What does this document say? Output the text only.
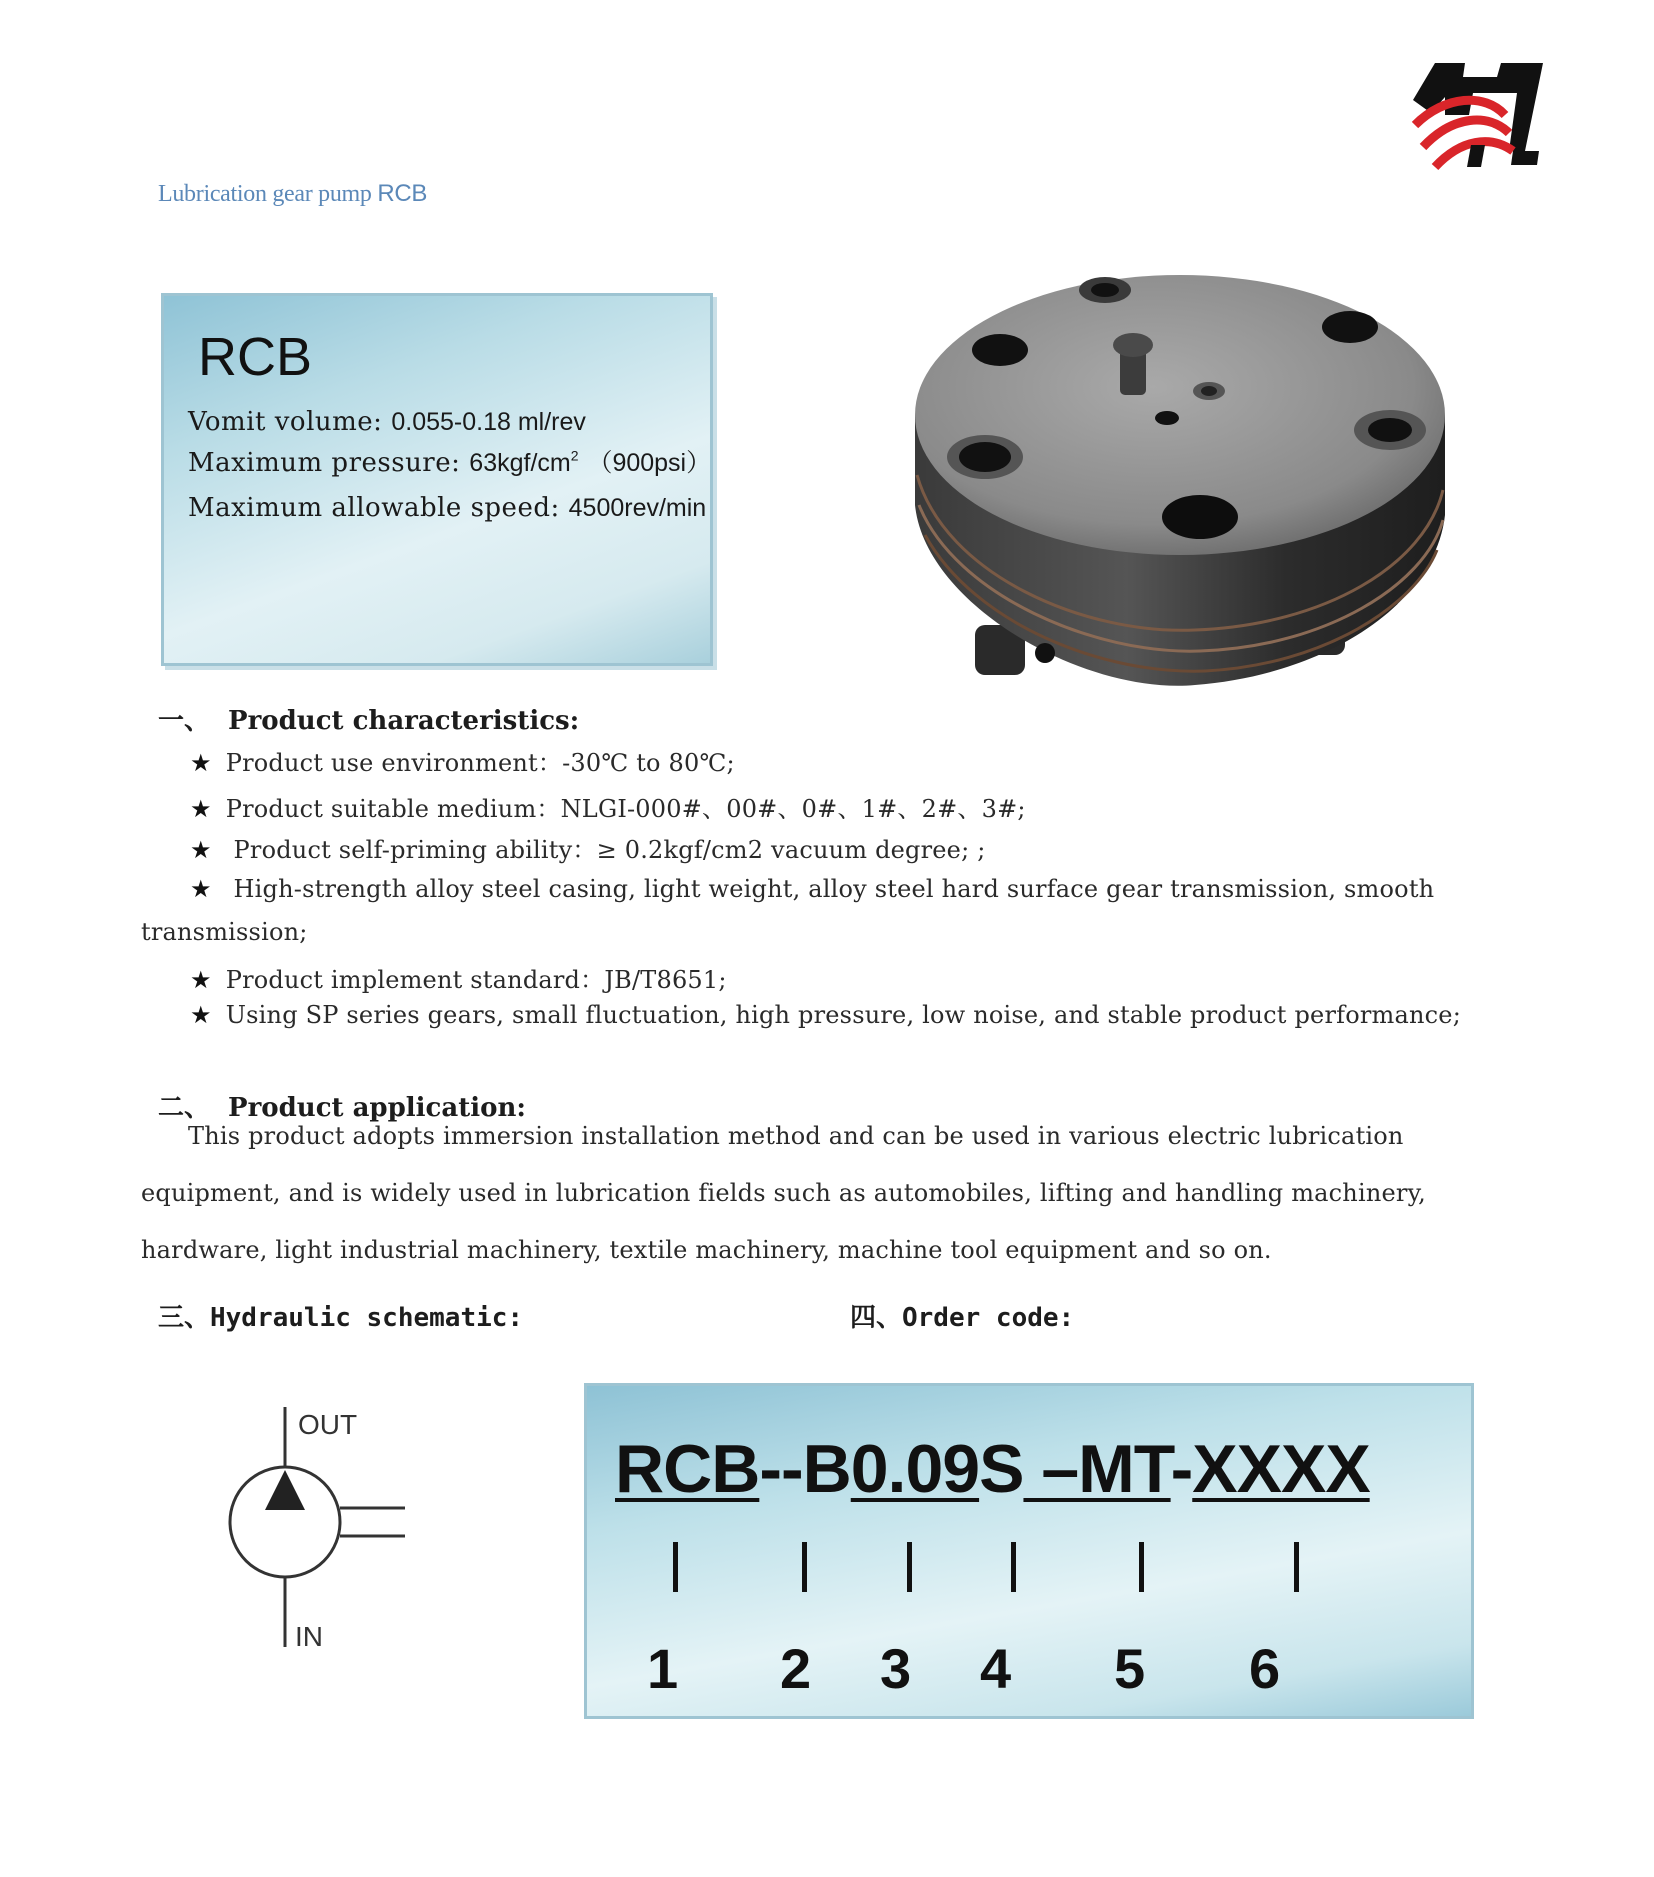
Lubrication gear pump RCB
RCB
Vomit volume: 0.055-0.18 ml/rev
Maximum pressure: $63kgf/cm^2$ （900psi）
Maximum allowable speed: 4500rev/min
一、 Product characteristics:
★ Product use environment：-30℃ to 80℃;
★ Product suitable medium：NLGI-000#、00#、0#、1#、2#、3#;
★ Product self-priming ability：≥ 0.2kgf/cm2 vacuum degree; ;
★ High-strength alloy steel casing, light weight, alloy steel hard surface gear transmission, smooth
transmission;
★ Product implement standard：JB/T8651;
★ Using SP series gears, small fluctuation, high pressure, low noise, and stable product performance;
二、 Product application:
This product adopts immersion installation method and can be used in various electric lubrication
equipment, and is widely used in lubrication fields such as automobiles, lifting and handling machinery,
hardware, light industrial machinery, textile machinery, machine tool equipment and so on.
三、Hydraulic schematic:	四、Order code:
OUT
IN
RCB--B0.09S –MT-XXXX
1 2 3 4 5 6
